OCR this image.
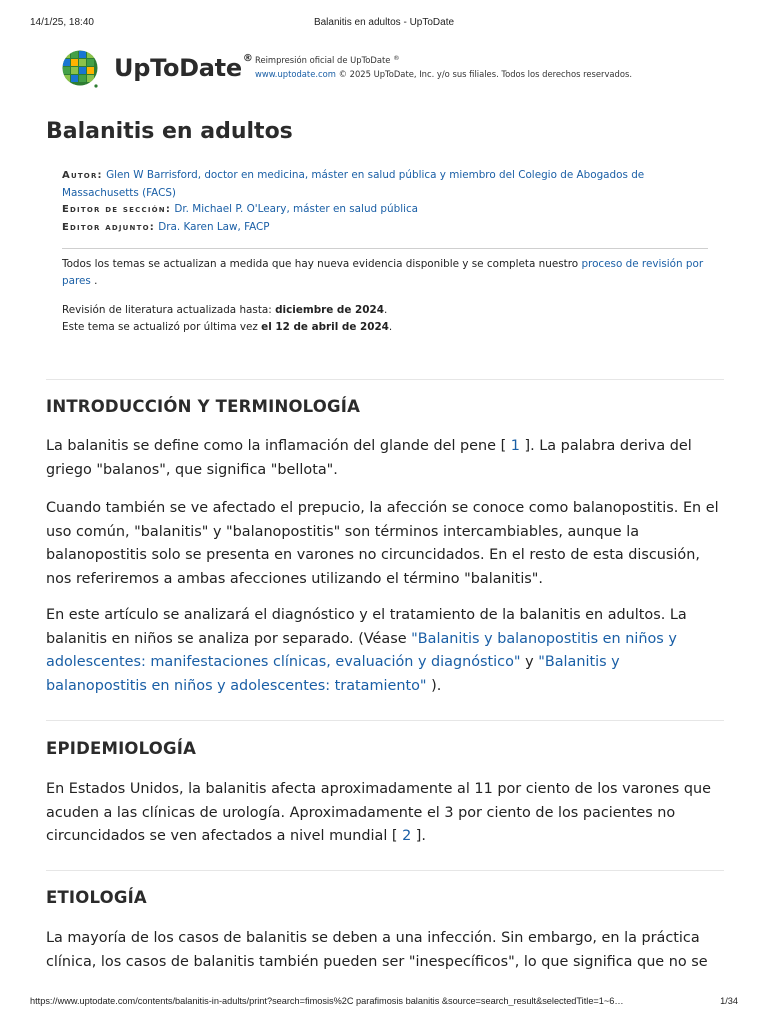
14/1/25, 18:40	Balanitis en adultos - UpToDate
UpToDate® Reimpresión oficial de UpToDate ®
www.uptodate.com © 2025 UpToDate, Inc. y/o sus filiales. Todos los derechos reservados.
Balanitis en adultos
Autor: Glen W Barrisford, doctor en medicina, máster en salud pública y miembro del Colegio de Abogados de Massachusetts (FACS)
Editor de sección: Dr. Michael P. O'Leary, máster en salud pública
Editor adjunto: Dra. Karen Law, FACP
Todos los temas se actualizan a medida que hay nueva evidencia disponible y se completa nuestro proceso de revisión por pares .
Revisión de literatura actualizada hasta: diciembre de 2024.
Este tema se actualizó por última vez el 12 de abril de 2024.
INTRODUCCIÓN Y TERMINOLOGÍA

La balanitis se define como la inflamación del glande del pene [ 1 ]. La palabra deriva del griego "balanos", que significa "bellota".

Cuando también se ve afectado el prepucio, la afección se conoce como balanopostitis. En el uso común, "balanitis" y "balanopostitis" son términos intercambiables, aunque la balanopostitis solo se presenta en varones no circuncidados. En el resto de esta discusión, nos referiremos a ambas afecciones utilizando el término "balanitis".

En este artículo se analizará el diagnóstico y el tratamiento de la balanitis en adultos. La balanitis en niños se analiza por separado. (Véase "Balanitis y balanopostitis en niños y adolescentes: manifestaciones clínicas, evaluación y diagnóstico" y "Balanitis y balanopostitis en niños y adolescentes: tratamiento" ).

EPIDEMIOLOGÍA

En Estados Unidos, la balanitis afecta aproximadamente al 11 por ciento de los varones que acuden a las clínicas de urología. Aproximadamente el 3 por ciento de los pacientes no circuncidados se ven afectados a nivel mundial [ 2 ].

ETIOLOGÍA

La mayoría de los casos de balanitis se deben a una infección. Sin embargo, en la práctica clínica, los casos de balanitis también pueden ser "inespecíficos", lo que significa que no se

https://www.uptodate.com/contents/balanitis-in-adults/print?search=fimosis%2C parafimosis balanitis &source=search_result&selectedTitle=1~6…	1/34
